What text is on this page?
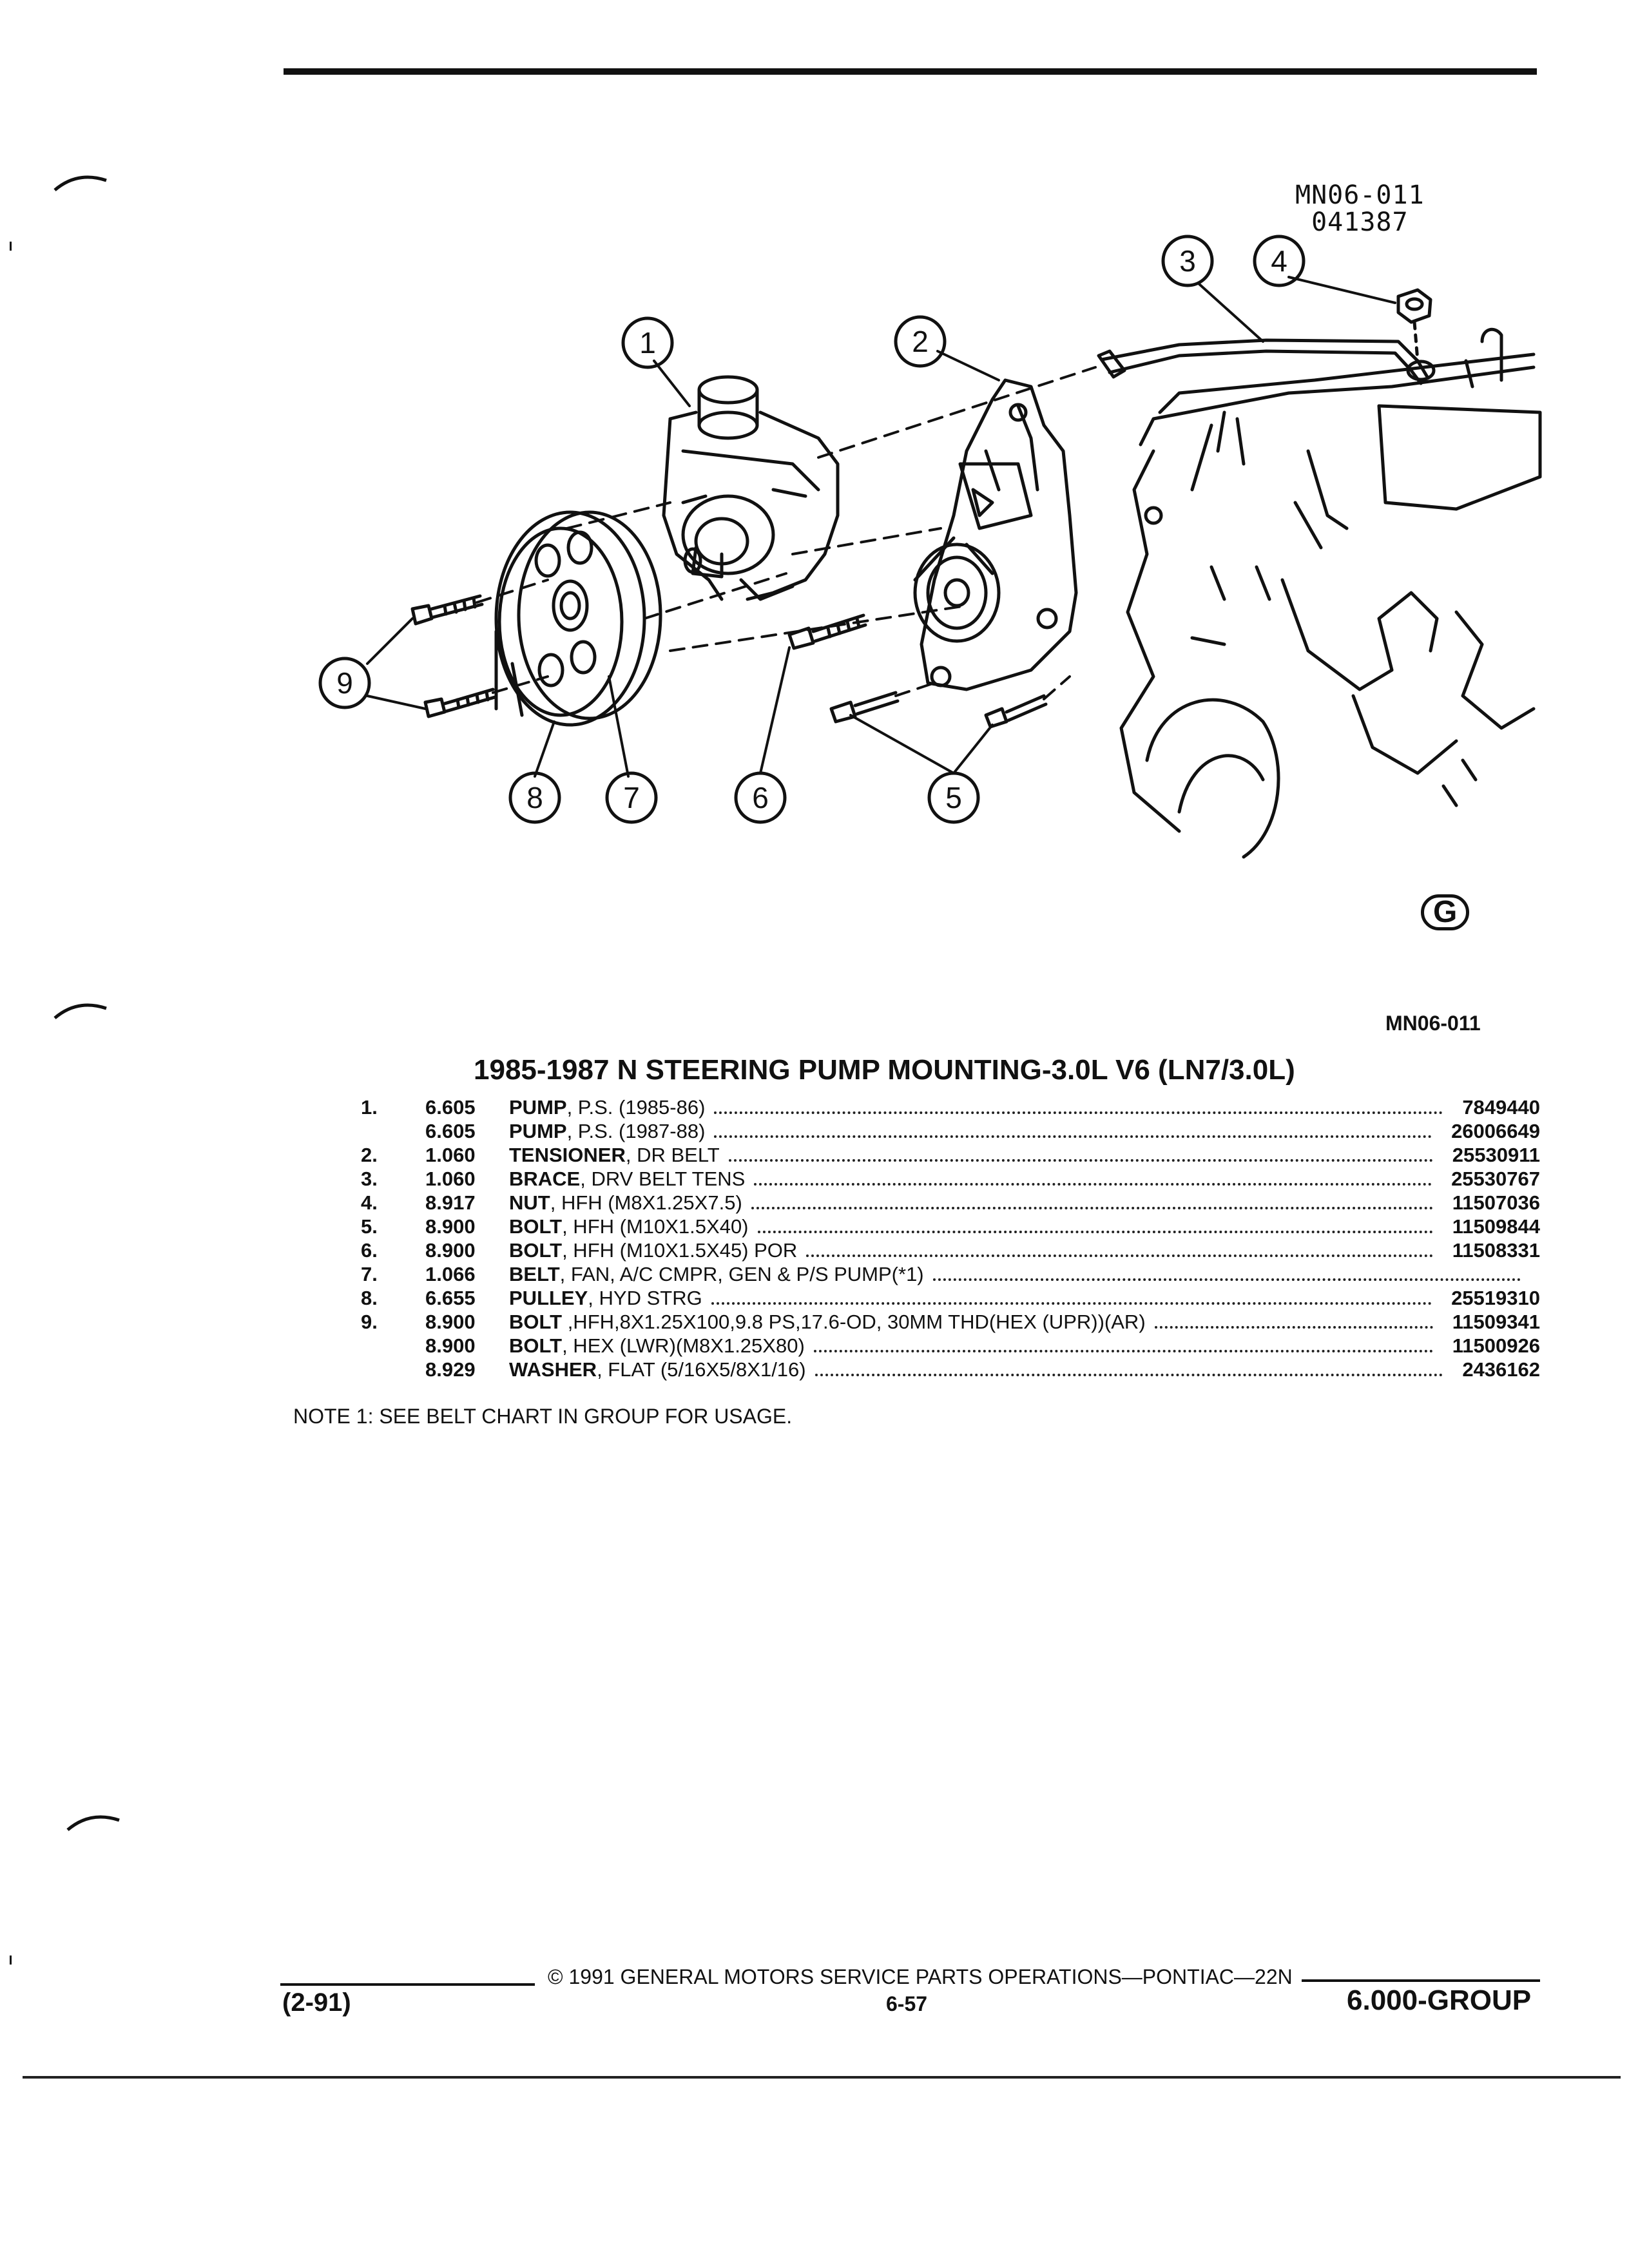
MN06-011
041387
1	2
3	4
5
6
7
8
9
G
MN06-011
1985-1987 N STEERING PUMP MOUNTING-3.0L V6 (LN7/3.0L)
1.	6.605 PUMP, P.S. (1985-86)	7849440
6.605 PUMP, P.S. (1987-88)	26006649
2.	1.060 TENSIONER, DR BELT	25530911
3.	1.060 BRACE, DRV BELT TENS	25530767
4.	8.917 NUT, HFH (M8X1.25X7.5)	11507036
5.	8.900 BOLT, HFH (M10X1.5X40)	11509844
6.	8.900 BOLT, HFH (M10X1.5X45) POR	11508331
7.	1.066 BELT, FAN, A/C CMPR, GEN & P/S PUMP(*1)
8.	6.655 PULLEY, HYD STRG	25519310
9.	8.900 BOLT ,HFH,8X1.25X100,9.8 PS,17.6-OD, 30MM THD(HEX (UPR))(AR)	11509341
8.900 BOLT, HEX (LWR)(M8X1.25X80)	11500926
8.929 WASHER, FLAT (5/16X5/8X1/16)	2436162
NOTE 1: SEE BELT CHART IN GROUP FOR USAGE.
© 1991 GENERAL MOTORS SERVICE PARTS OPERATIONS—PONTIAC—22N
6-57
(2-91)	6.000-GROUP
